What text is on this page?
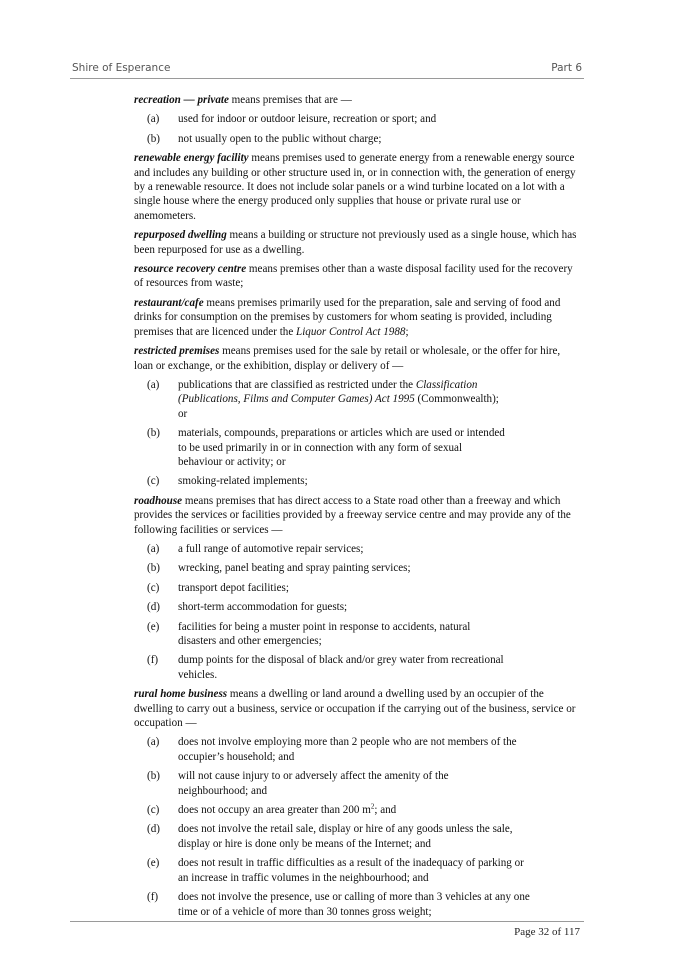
Shire of Esperance	Part 6

recreation — private means premises that are —

(a) used for indoor or outdoor leisure, recreation or sport; and
(b) not usually open to the public without charge;

renewable energy facility means premises used to generate energy from a renewable energy source and includes any building or other structure used in, or in connection with, the generation of energy by a renewable resource. It does not include solar panels or a wind turbine located on a lot with a single house where the energy produced only supplies that house or private rural use or anemometers.

repurposed dwelling means a building or structure not previously used as a single house, which has been repurposed for use as a dwelling.

resource recovery centre means premises other than a waste disposal facility used for the recovery of resources from waste;

restaurant/cafe means premises primarily used for the preparation, sale and serving of food and drinks for consumption on the premises by customers for whom seating is provided, including premises that are licenced under the Liquor Control Act 1988;

restricted premises means premises used for the sale by retail or wholesale, or the offer for hire, loan or exchange, or the exhibition, display or delivery of —

(a) publications that are classified as restricted under the Classification (Publications, Films and Computer Games) Act 1995 (Commonwealth);
or
(b) materials, compounds, preparations or articles which are used or intended to be used primarily in or in connection with any form of sexual behaviour or activity; or
(c) smoking-related implements;

roadhouse means premises that has direct access to a State road other than a freeway and which provides the services or facilities provided by a freeway service centre and may provide any of the following facilities or services —

(a) a full range of automotive repair services;
(b) wrecking, panel beating and spray painting services;
(c) transport depot facilities;
(d) short-term accommodation for guests;
(e) facilities for being a muster point in response to accidents, natural disasters and other emergencies;
(f) dump points for the disposal of black and/or grey water from recreational vehicles.

rural home business means a dwelling or land around a dwelling used by an occupier of the dwelling to carry out a business, service or occupation if the carrying out of the business, service or occupation —

(a) does not involve employing more than 2 people who are not members of the occupier’s household; and
(b) will not cause injury to or adversely affect the amenity of the neighbourhood; and
(c) does not occupy an area greater than 200 $m^2$; and
(d) does not involve the retail sale, display or hire of any goods unless the sale, display or hire is done only be means of the Internet; and
(e) does not result in traffic difficulties as a result of the inadequacy of parking or an increase in traffic volumes in the neighbourhood; and
(f) does not involve the presence, use or calling of more than 3 vehicles at any one time or of a vehicle of more than 30 tonnes gross weight;
Page 32 of 117
